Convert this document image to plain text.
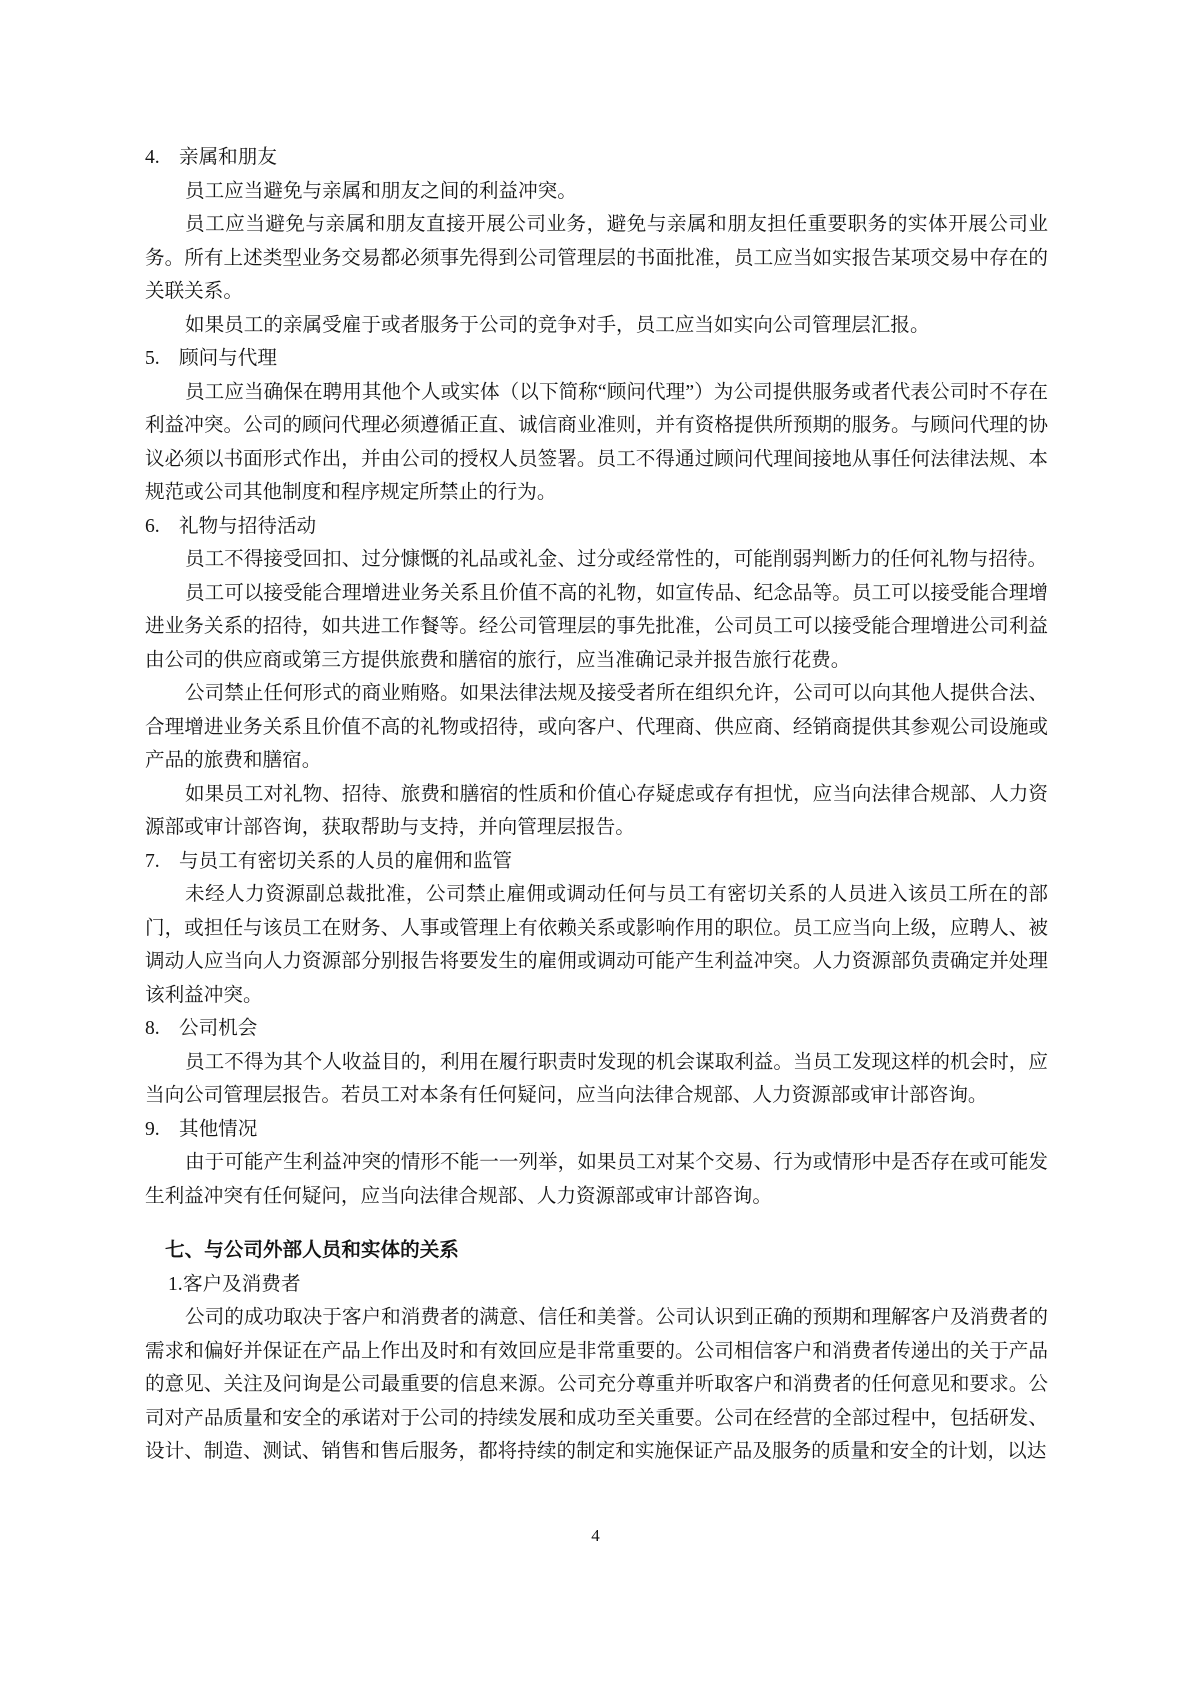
4. 亲属和朋友
员工应当避免与亲属和朋友之间的利益冲突。
员工应当避免与亲属和朋友直接开展公司业务，避免与亲属和朋友担任重要职务的实体开展公司业务。所有上述类型业务交易都必须事先得到公司管理层的书面批准，员工应当如实报告某项交易中存在的关联关系。
如果员工的亲属受雇于或者服务于公司的竞争对手，员工应当如实向公司管理层汇报。
5. 顾问与代理
员工应当确保在聘用其他个人或实体（以下简称“顾问代理”）为公司提供服务或者代表公司时不存在利益冲突。公司的顾问代理必须遵循正直、诚信商业准则，并有资格提供所预期的服务。与顾问代理的协议必须以书面形式作出，并由公司的授权人员签署。员工不得通过顾问代理间接地从事任何法律法规、本规范或公司其他制度和程序规定所禁止的行为。
6. 礼物与招待活动
员工不得接受回扣、过分慷慨的礼品或礼金、过分或经常性的，可能削弱判断力的任何礼物与招待。
员工可以接受能合理增进业务关系且价值不高的礼物，如宣传品、纪念品等。员工可以接受能合理增进业务关系的招待，如共进工作餐等。经公司管理层的事先批准，公司员工可以接受能合理增进公司利益由公司的供应商或第三方提供旅费和膳宿的旅行，应当准确记录并报告旅行花费。
公司禁止任何形式的商业贿赂。如果法律法规及接受者所在组织允许，公司可以向其他人提供合法、合理增进业务关系且价值不高的礼物或招待，或向客户、代理商、供应商、经销商提供其参观公司设施或产品的旅费和膳宿。
如果员工对礼物、招待、旅费和膳宿的性质和价值心存疑虑或存有担忧，应当向法律合规部、人力资源部或审计部咨询，获取帮助与支持，并向管理层报告。
7. 与员工有密切关系的人员的雇佣和监管
未经人力资源副总裁批准，公司禁止雇佣或调动任何与员工有密切关系的人员进入该员工所在的部门，或担任与该员工在财务、人事或管理上有依赖关系或影响作用的职位。员工应当向上级，应聘人、被调动人应当向人力资源部分别报告将要发生的雇佣或调动可能产生利益冲突。人力资源部负责确定并处理该利益冲突。
8. 公司机会
员工不得为其个人收益目的，利用在履行职责时发现的机会谋取利益。当员工发现这样的机会时，应当向公司管理层报告。若员工对本条有任何疑问，应当向法律合规部、人力资源部或审计部咨询。
9. 其他情况
由于可能产生利益冲突的情形不能一一列举，如果员工对某个交易、行为或情形中是否存在或可能发生利益冲突有任何疑问，应当向法律合规部、人力资源部或审计部咨询。
七、与公司外部人员和实体的关系
1.客户及消费者
公司的成功取决于客户和消费者的满意、信任和美誉。公司认识到正确的预期和理解客户及消费者的需求和偏好并保证在产品上作出及时和有效回应是非常重要的。公司相信客户和消费者传递出的关于产品的意见、关注及问询是公司最重要的信息来源。公司充分尊重并听取客户和消费者的任何意见和要求。公司对产品质量和安全的承诺对于公司的持续发展和成功至关重要。公司在经营的全部过程中，包括研发、设计、制造、测试、销售和售后服务，都将持续的制定和实施保证产品及服务的质量和安全的计划，以达
4
